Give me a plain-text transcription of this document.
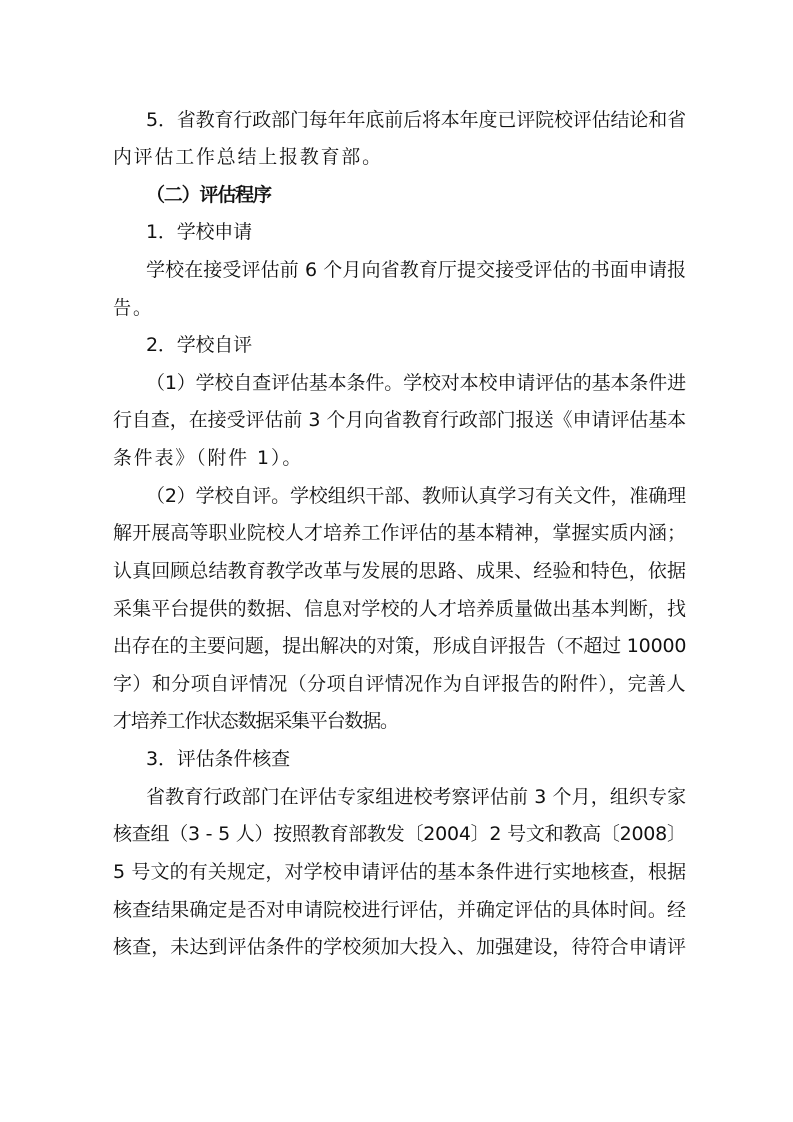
5．省教育行政部门每年年底前后将本年度已评院校评估结论和省
内评估工作总结上报教育部。
（二）评估程序
1．学校申请
学校在接受评估前 6 个月向省教育厅提交接受评估的书面申请报
告。
2．学校自评
（1）学校自查评估基本条件。学校对本校申请评估的基本条件进
行自查，在接受评估前 3 个月向省教育行政部门报送《申请评估基本
条件表》（附件 1）。
（2）学校自评。学校组织干部、教师认真学习有关文件，准确理
解开展高等职业院校人才培养工作评估的基本精神，掌握实质内涵；
认真回顾总结教育教学改革与发展的思路、成果、经验和特色，依据
采集平台提供的数据、信息对学校的人才培养质量做出基本判断，找
出存在的主要问题，提出解决的对策，形成自评报告（不超过 10000
字）和分项自评情况（分项自评情况作为自评报告的附件），完善人
才培养工作状态数据采集平台数据。
3．评估条件核查
省教育行政部门在评估专家组进校考察评估前 3 个月，组织专家
核查组（3 - 5 人）按照教育部教发〔2004〕2 号文和教高〔2008〕
5 号文的有关规定，对学校申请评估的基本条件进行实地核查，根据
核查结果确定是否对申请院校进行评估，并确定评估的具体时间。经
核查，未达到评估条件的学校须加大投入、加强建设，待符合申请评
